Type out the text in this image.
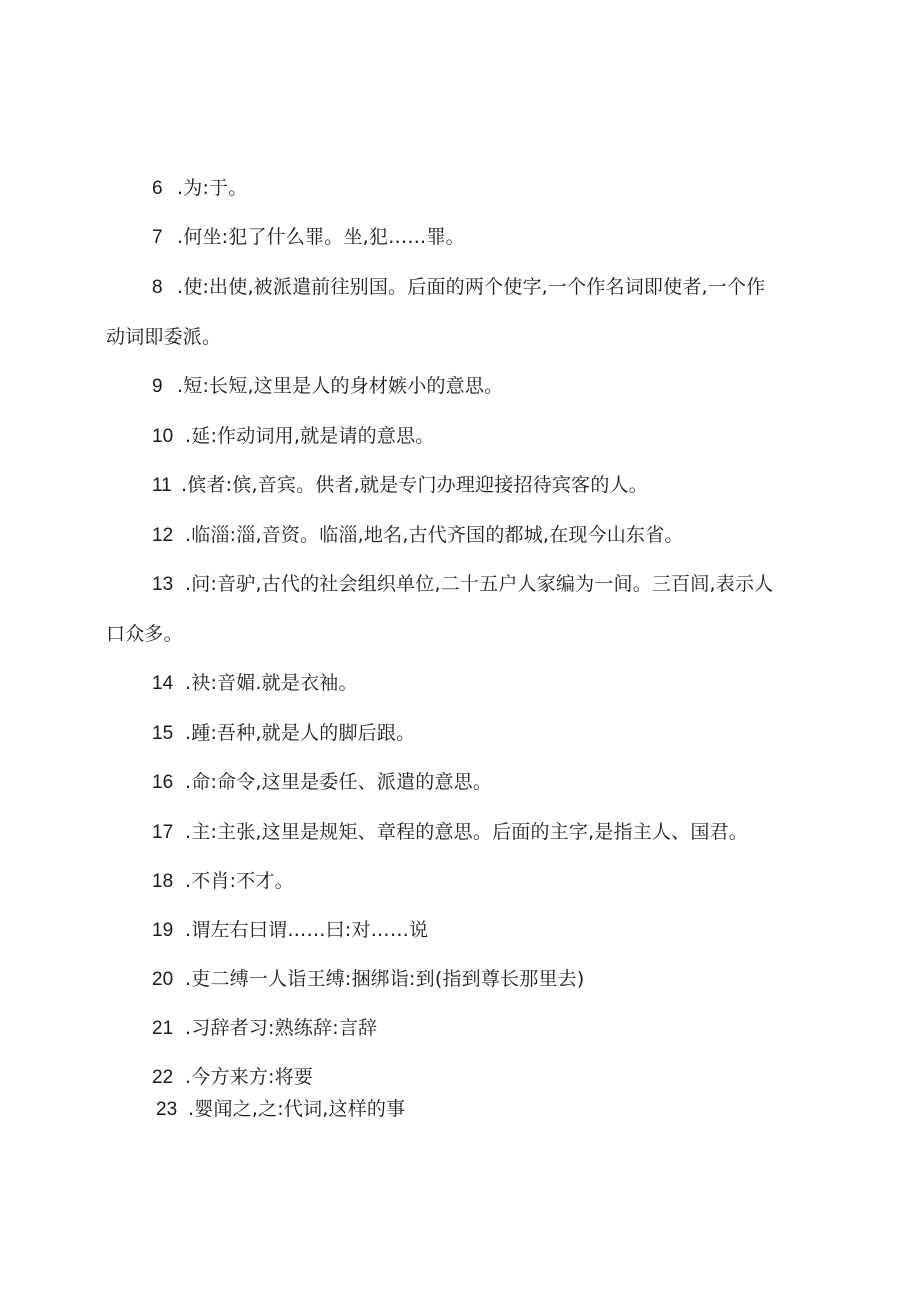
6 .为:于。
7 .何坐:犯了什么罪。坐,犯……罪。
8 .使:出使,被派遣前往别国。后面的两个使字,一个作名词即使者,一个作
动词即委派。
9 .短:长短,这里是人的身材嫉小的意思。
10 .延:作动词用,就是请的意思。
11 .傧者:傧,音宾。供者,就是专门办理迎接招待宾客的人。
12 .临淄:淄,音资。临淄,地名,古代齐国的都城,在现今山东省。
13 .问:音驴,古代的社会组织单位,二十五户人家编为一间。三百闾,表示人
口众多。
14 .袂:音媚.就是衣袖。
15 .踵:吾种,就是人的脚后跟。
16 .命:命令,这里是委任、派遣的意思。
17 .主:主张,这里是规矩、章程的意思。后面的主字,是指主人、国君。
18 .不肖:不才。
19 .谓左右曰谓……曰:对……说
20 .吏二缚一人诣王缚:捆绑诣:到(指到尊长那里去)
21 .习辞者习:熟练辞:言辞
22 .今方来方:将要
23 .婴闻之,之:代词,这样的事
